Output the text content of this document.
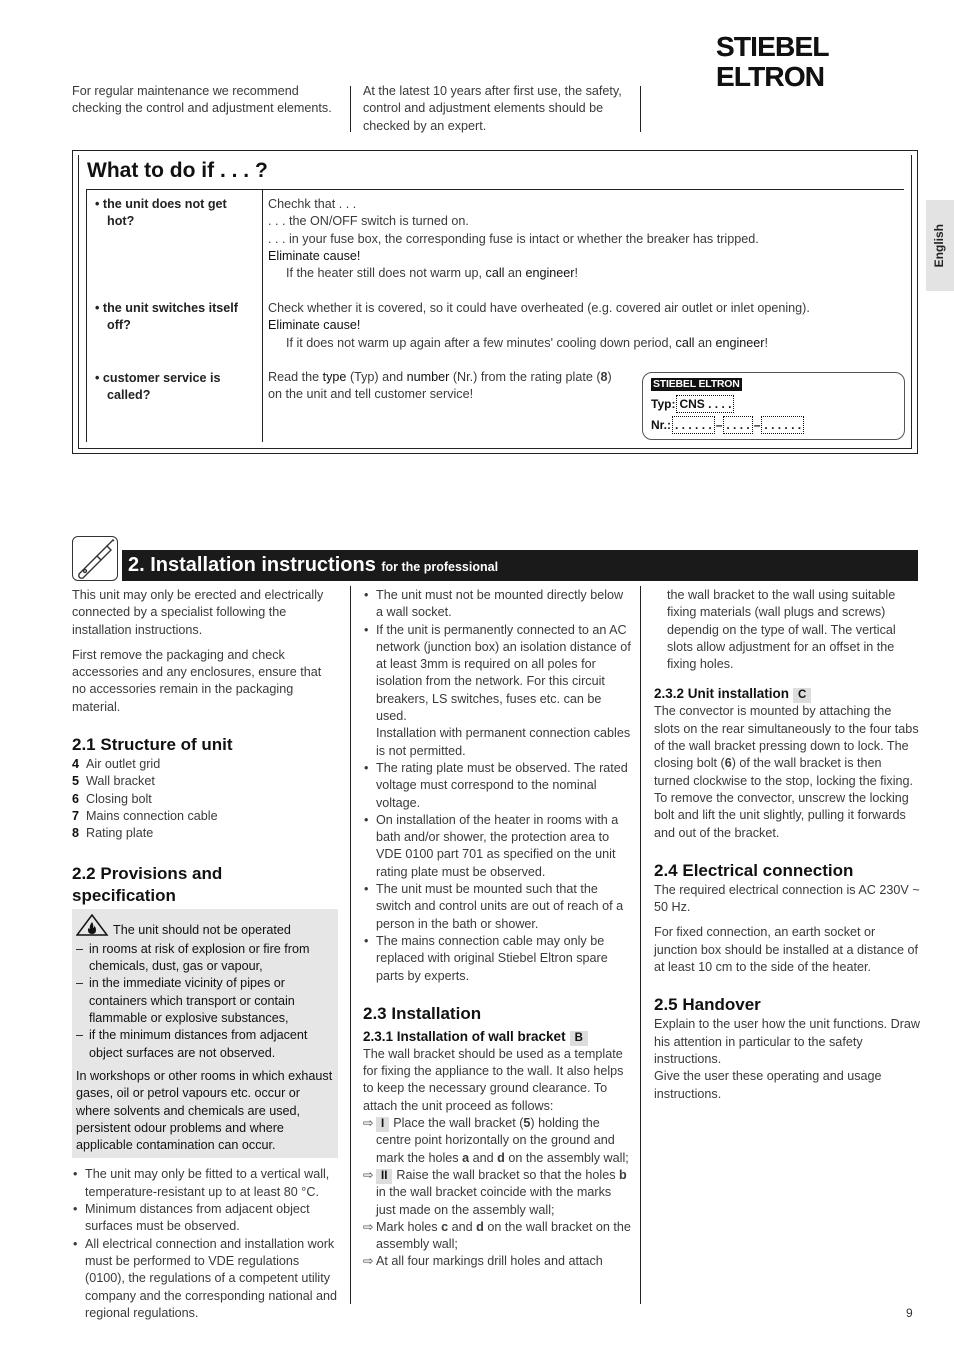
STIEBEL ELTRON
English

For regular maintenance we recommend checking the control and adjustment elements.

At the latest 10 years after first use, the safety, control and adjustment elements should be checked by an expert.

What to do if . . . ?

• the unit does not get hot?

Chechk that . . .

. . . the ON/OFF switch is turned on.

. . . in your fuse box, the corresponding fuse is intact or whether the breaker has tripped.

Eliminate cause!

If the heater still does not warm up, call an engineer!

• the unit switches itself off?

Check whether it is covered, so it could have overheated (e.g. covered air outlet or inlet opening).

Eliminate cause!

If it does not warm up again after a few minutes' cooling down period, call an engineer!

• customer service is called?

Read the type (Typ) and number (Nr.) from the rating plate (8)

on the unit and tell customer service!

STIEBEL ELTRON
Typ: CNS . . . .
Nr.: . . . . . . – . . . . – . . . . . .
2. Installation instructions for the professional

This unit may only be erected and electrically connected by a specialist following the installation instructions.

First remove the packaging and check accessories and any enclosures, ensure that no accessories remain in the packaging material.

2.1 Structure of unit

4 Air outlet grid

5 Wall bracket

6 Closing bolt

7 Mains connection cable

8 Rating plate

2.2 Provisions and specification

The unit should not be operated

– in rooms at risk of explosion or fire from chemicals, dust, gas or vapour,
– in the immediate vicinity of pipes or containers which transport or contain flammable or explosive substances,
– if the minimum distances from adjacent object surfaces are not observed.

In workshops or other rooms in which exhaust gases, oil or petrol vapours etc. occur or where solvents and chemicals are used, persistent odour problems and where applicable contamination can occur.

• The unit may only be fitted to a vertical wall, temperature-resistant up to at least 80 °C.
• Minimum distances from adjacent object surfaces must be observed.
• All electrical connection and installation work must be performed to VDE regulations (0100), the regulations of a competent utility company and the corresponding national and regional regulations.
• The unit must not be mounted directly below a wall socket.
• If the unit is permanently connected to an AC network (junction box) an isolation distance of at least 3mm is required on all poles for isolation from the network. For this circuit breakers, LS switches, fuses etc. can be used.
Installation with permanent connection cables is not permitted.
• The rating plate must be observed. The rated voltage must correspond to the nominal voltage.
• On installation of the heater in rooms with a bath and/or shower, the protection area to VDE 0100 part 701 as specified on the unit rating plate must be observed.
• The unit must be mounted such that the switch and control units are out of reach of a person in the bath or shower.
• The mains connection cable may only be replaced with original Stiebel Eltron spare parts by experts.

2.3 Installation

2.3.1 Installation of wall bracket B

The wall bracket should be used as a template for fixing the appliance to the wall. It also helps to keep the necessary ground clearance. To attach the unit proceed as follows:

⇨ I Place the wall bracket (5) holding the centre point horizontally on the ground and mark the holes a and d on the assembly wall;

⇨ II Raise the wall bracket so that the holes b in the wall bracket coincide with the marks just made on the assembly wall;

⇨ Mark holes c and d on the wall bracket on the assembly wall;

⇨ At all four markings drill holes and attach

the wall bracket to the wall using suitable fixing materials (wall plugs and screws) dependig on the type of wall. The vertical slots allow adjustment for an offset in the fixing holes.

2.3.2 Unit installation C

The convector is mounted by attaching the slots on the rear simultaneously to the four tabs of the wall bracket pressing down to lock. The closing bolt (6) of the wall bracket is then turned clockwise to the stop, locking the fixing. To remove the convector, unscrew the locking bolt and lift the unit slightly, pulling it forwards and out of the bracket.

2.4 Electrical connection

The required electrical connection is AC 230V ~ 50 Hz.

For fixed connection, an earth socket or junction box should be installed at a distance of at least 10 cm to the side of the heater.

2.5 Handover

Explain to the user how the unit functions. Draw his attention in particular to the safety instructions.

Give the user these operating and usage instructions.

9
